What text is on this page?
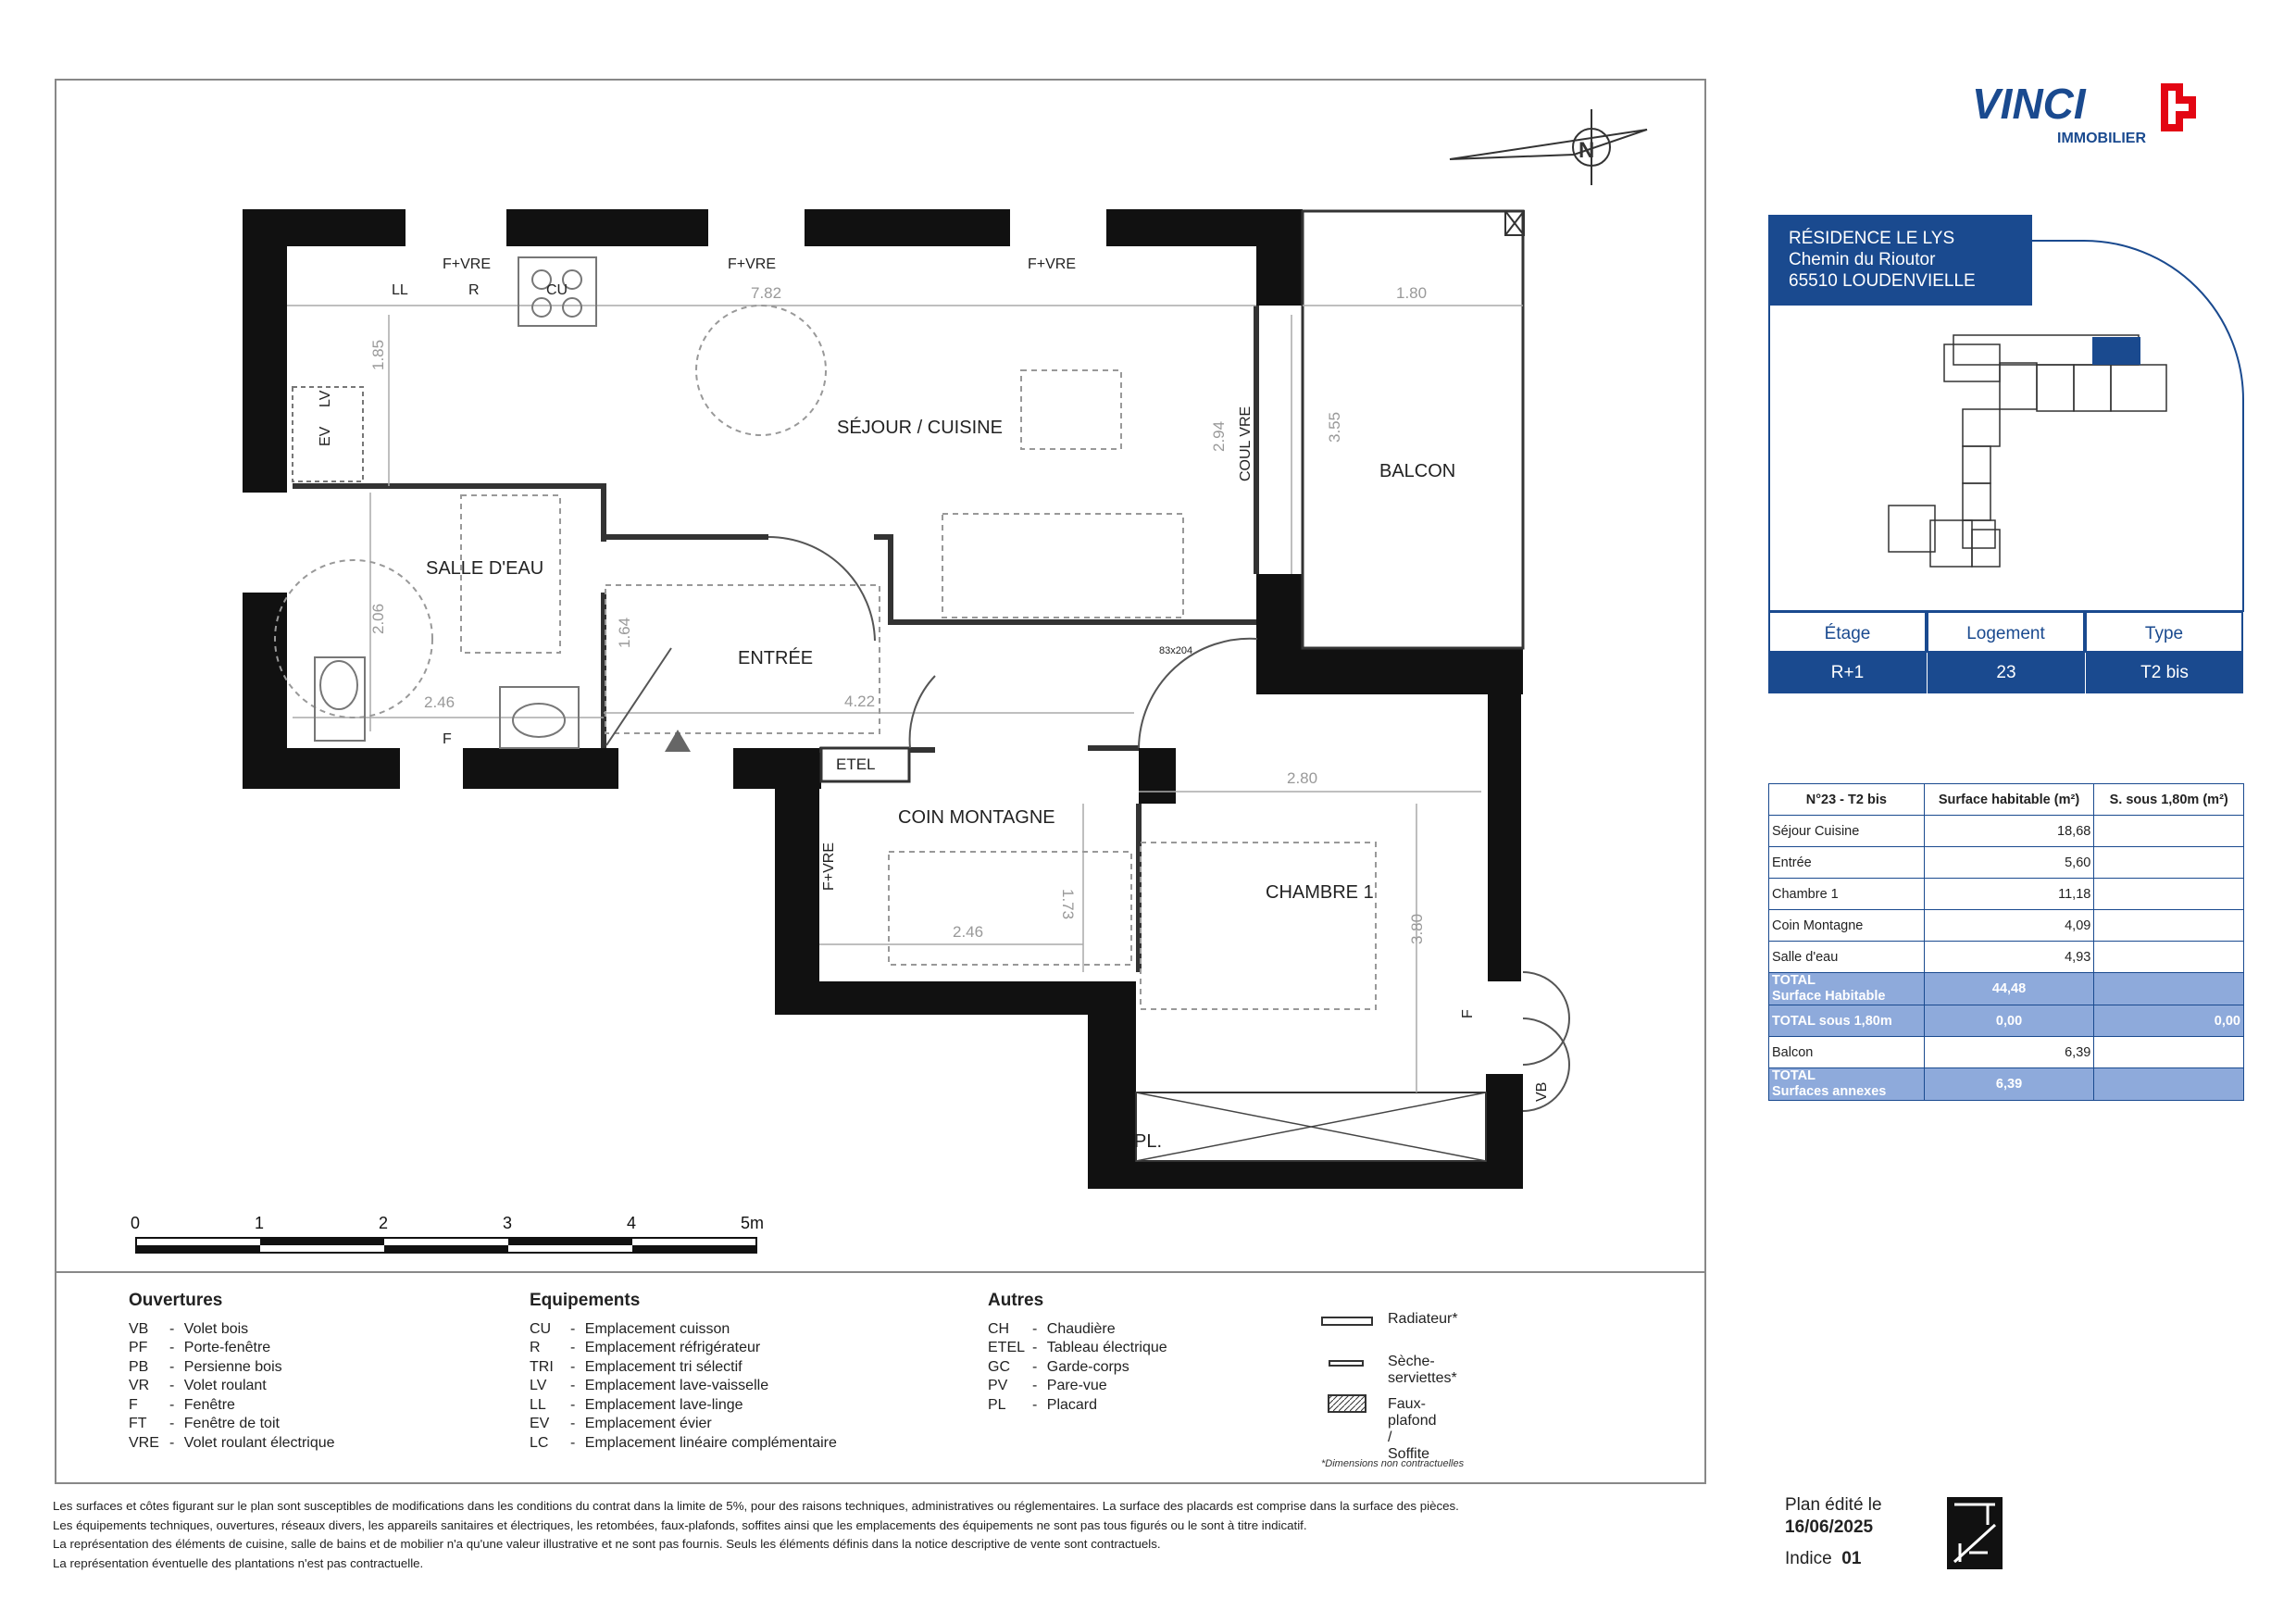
VINCI
IMMOBILIER
N
SÉJOUR / CUISINE
SALLE D'EAU
ENTRÉE
BALCON
COIN MONTAGNE
CHAMBRE 1
ETEL
PL.
F+VRE	F+VRE	F+VRE
LL	R	CU
F
83x204
EV
LV
COUL VRE
F+VRE
F
VB
7.82	1.80
1.85
2.94	3.55
2.06	1.64
2.46	4.22
2.80
1.73
2.46	3.80
0	1	2	3	4	5m
Ouvertures
VB - Volet bois
PF - Porte-fenêtre
PB - Persienne bois
VR - Volet roulant
F - Fenêtre
FT - Fenêtre de toit
VRE - Volet roulant électrique
Equipements
CU - Emplacement cuisson
R - Emplacement réfrigérateur
TRI - Emplacement tri sélectif
LV - Emplacement lave-vaisselle
LL - Emplacement lave-linge
EV - Emplacement évier
LC - Emplacement linéaire complémentaire
Autres
CH - Chaudière
ETEL - Tableau électrique
GC - Garde-corps
PV - Pare-vue
PL - Placard
Radiateur*
Sèche-serviettes*
Faux-plafond / Soffite
*Dimensions non contractuelles
Les surfaces et côtes figurant sur le plan sont susceptibles de modifications dans les conditions du contrat dans la limite de 5%, pour des raisons techniques, administratives ou réglementaires. La surface des placards est comprise dans la surface des pièces.
Les équipements techniques, ouvertures, réseaux divers, les appareils sanitaires et électriques, les retombées, faux-plafonds, soffites ainsi que les emplacements des équipements ne sont pas tous figurés ou le sont à titre indicatif.
La représentation des éléments de cuisine, salle de bains et de mobilier n'a qu'une valeur illustrative et ne sont pas fournis. Seuls les éléments définis dans la notice descriptive de vente sont contractuels.
La représentation éventuelle des plantations n'est pas contractuelle.
RÉSIDENCE LE LYS
Chemin du Rioutor
65510 LOUDENVIELLE
Étage	Logement	Type
R+1	23	T2 bis
N°23 - T2 bis	Surface habitable (m²)	S. sous 1,80m (m²)
Séjour Cuisine	18,68	
Entrée	5,60	
Chambre 1	11,18	
Coin Montagne	4,09	
Salle d'eau	4,93	

TOTAL
Surface Habitable	44,48	
TOTAL sous 1,80m	0,00	0,00
Balcon	6,39	

TOTAL
Surfaces annexes	6,39	
Plan édité le
16/06/2025
Indice 01
